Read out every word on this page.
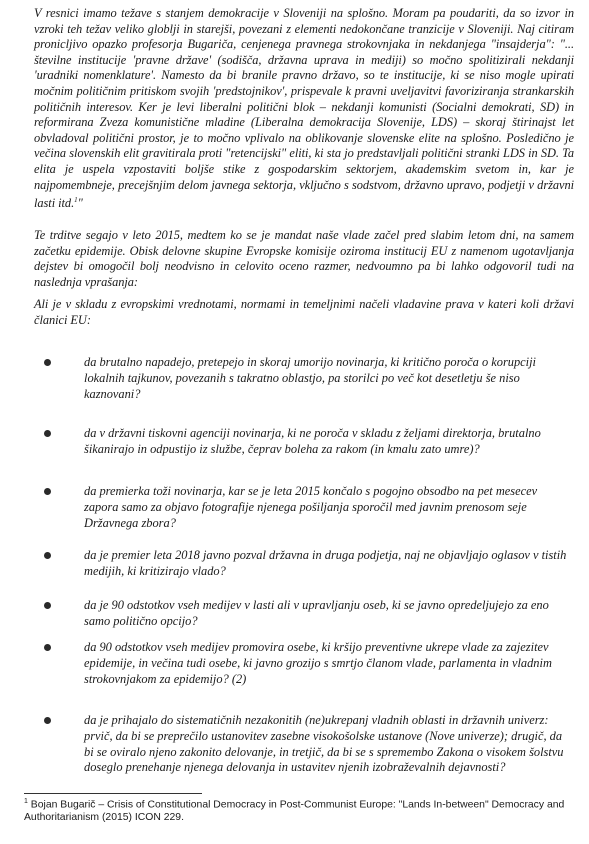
V resnici imamo težave s stanjem demokracije v Sloveniji na splošno. Moram pa poudariti, da so izvor in vzroki teh težav veliko globlji in starejši, povezani z elementi nedokončane tranzicije v Sloveniji. Naj citiram pronicljivo opazko profesorja Bugariča, cenjenega pravnega strokovnjaka in nekdanjega "insajderja": "... številne institucije 'pravne države' (sodišča, državna uprava in mediji) so močno spolitizirali nekdanji 'uradniki nomenklature'. Namesto da bi branile pravno državo, so te institucije, ki se niso mogle upirati močnim političnim pritiskom svojih 'predstojnikov', prispevale k pravni uveljavitvi favoriziranja strankarskih političnih interesov. Ker je levi liberalni politični blok – nekdanji komunisti (Socialni demokrati, SD) in reformirana Zveza komunistične mladine (Liberalna demokracija Slovenije, LDS) – skoraj štirinajst let obvladoval politični prostor, je to močno vplivalo na oblikovanje slovenske elite na splošno. Posledično je večina slovenskih elit gravitirala proti "retencijski" eliti, ki sta jo predstavljali politični stranki LDS in SD. Ta elita je uspela vzpostaviti boljše stike z gospodarskim sektorjem, akademskim svetom in, kar je najpomembneje, precejšnjim delom javnega sektorja, vključno s sodstvom, državno upravo, podjetji v državni lasti itd.$^1$"

Te trditve segajo v leto 2015, medtem ko se je mandat naše vlade začel pred slabim letom dni, na samem začetku epidemije. Obisk delovne skupine Evropske komisije oziroma institucij EU z namenom ugotavljanja dejstev bi omogočil bolj neodvisno in celovito oceno razmer, nedvoumno pa bi lahko odgovoril tudi na naslednja vprašanja:

Ali je v skladu z evropskimi vrednotami, normami in temeljnimi načeli vladavine prava v kateri koli državi članici EU:

da brutalno napadejo, pretepejo in skoraj umorijo novinarja, ki kritično poroča o korupciji lokalnih tajkunov, povezanih s takratno oblastjo, pa storilci po več kot desetletju še niso kaznovani?
da v državni tiskovni agenciji novinarja, ki ne poroča v skladu z željami direktorja, brutalno šikanirajo in odpustijo iz službe, čeprav boleha za rakom (in kmalu zato umre)?
da premierka toži novinarja, kar se je leta 2015 končalo s pogojno obsodbo na pet mesecev zapora samo za objavo fotografije njenega pošiljanja sporočil med javnim prenosom seje Državnega zbora?
da je premier leta 2018 javno pozval državna in druga podjetja, naj ne objavljajo oglasov v tistih medijih, ki kritizirajo vlado?
da je 90 odstotkov vseh medijev v lasti ali v upravljanju oseb, ki se javno opredeljujejo za eno samo politično opcijo?
da 90 odstotkov vseh medijev promovira osebe, ki kršijo preventivne ukrepe vlade za zajezitev epidemije, in večina tudi osebe, ki javno grozijo s smrtjo članom vlade, parlamenta in vladnim strokovnjakom za epidemijo? (2)
da je prihajalo do sistematičnih nezakonitih (ne)ukrepanj vladnih oblasti in državnih univerz: prvič, da bi se preprečilo ustanovitev zasebne visokošolske ustanove (Nove univerze); drugič, da bi se oviralo njeno zakonito delovanje, in tretjič, da bi se s spremembo Zakona o visokem šolstvu doseglo prenehanje njenega delovanja in ustavitev njenih izobraževalnih dejavnosti?
$^1$ Bojan Bugarič – Crisis of Constitutional Democracy in Post-Communist Europe: "Lands In-between" Democracy and Authoritarianism (2015) ICON 229.
